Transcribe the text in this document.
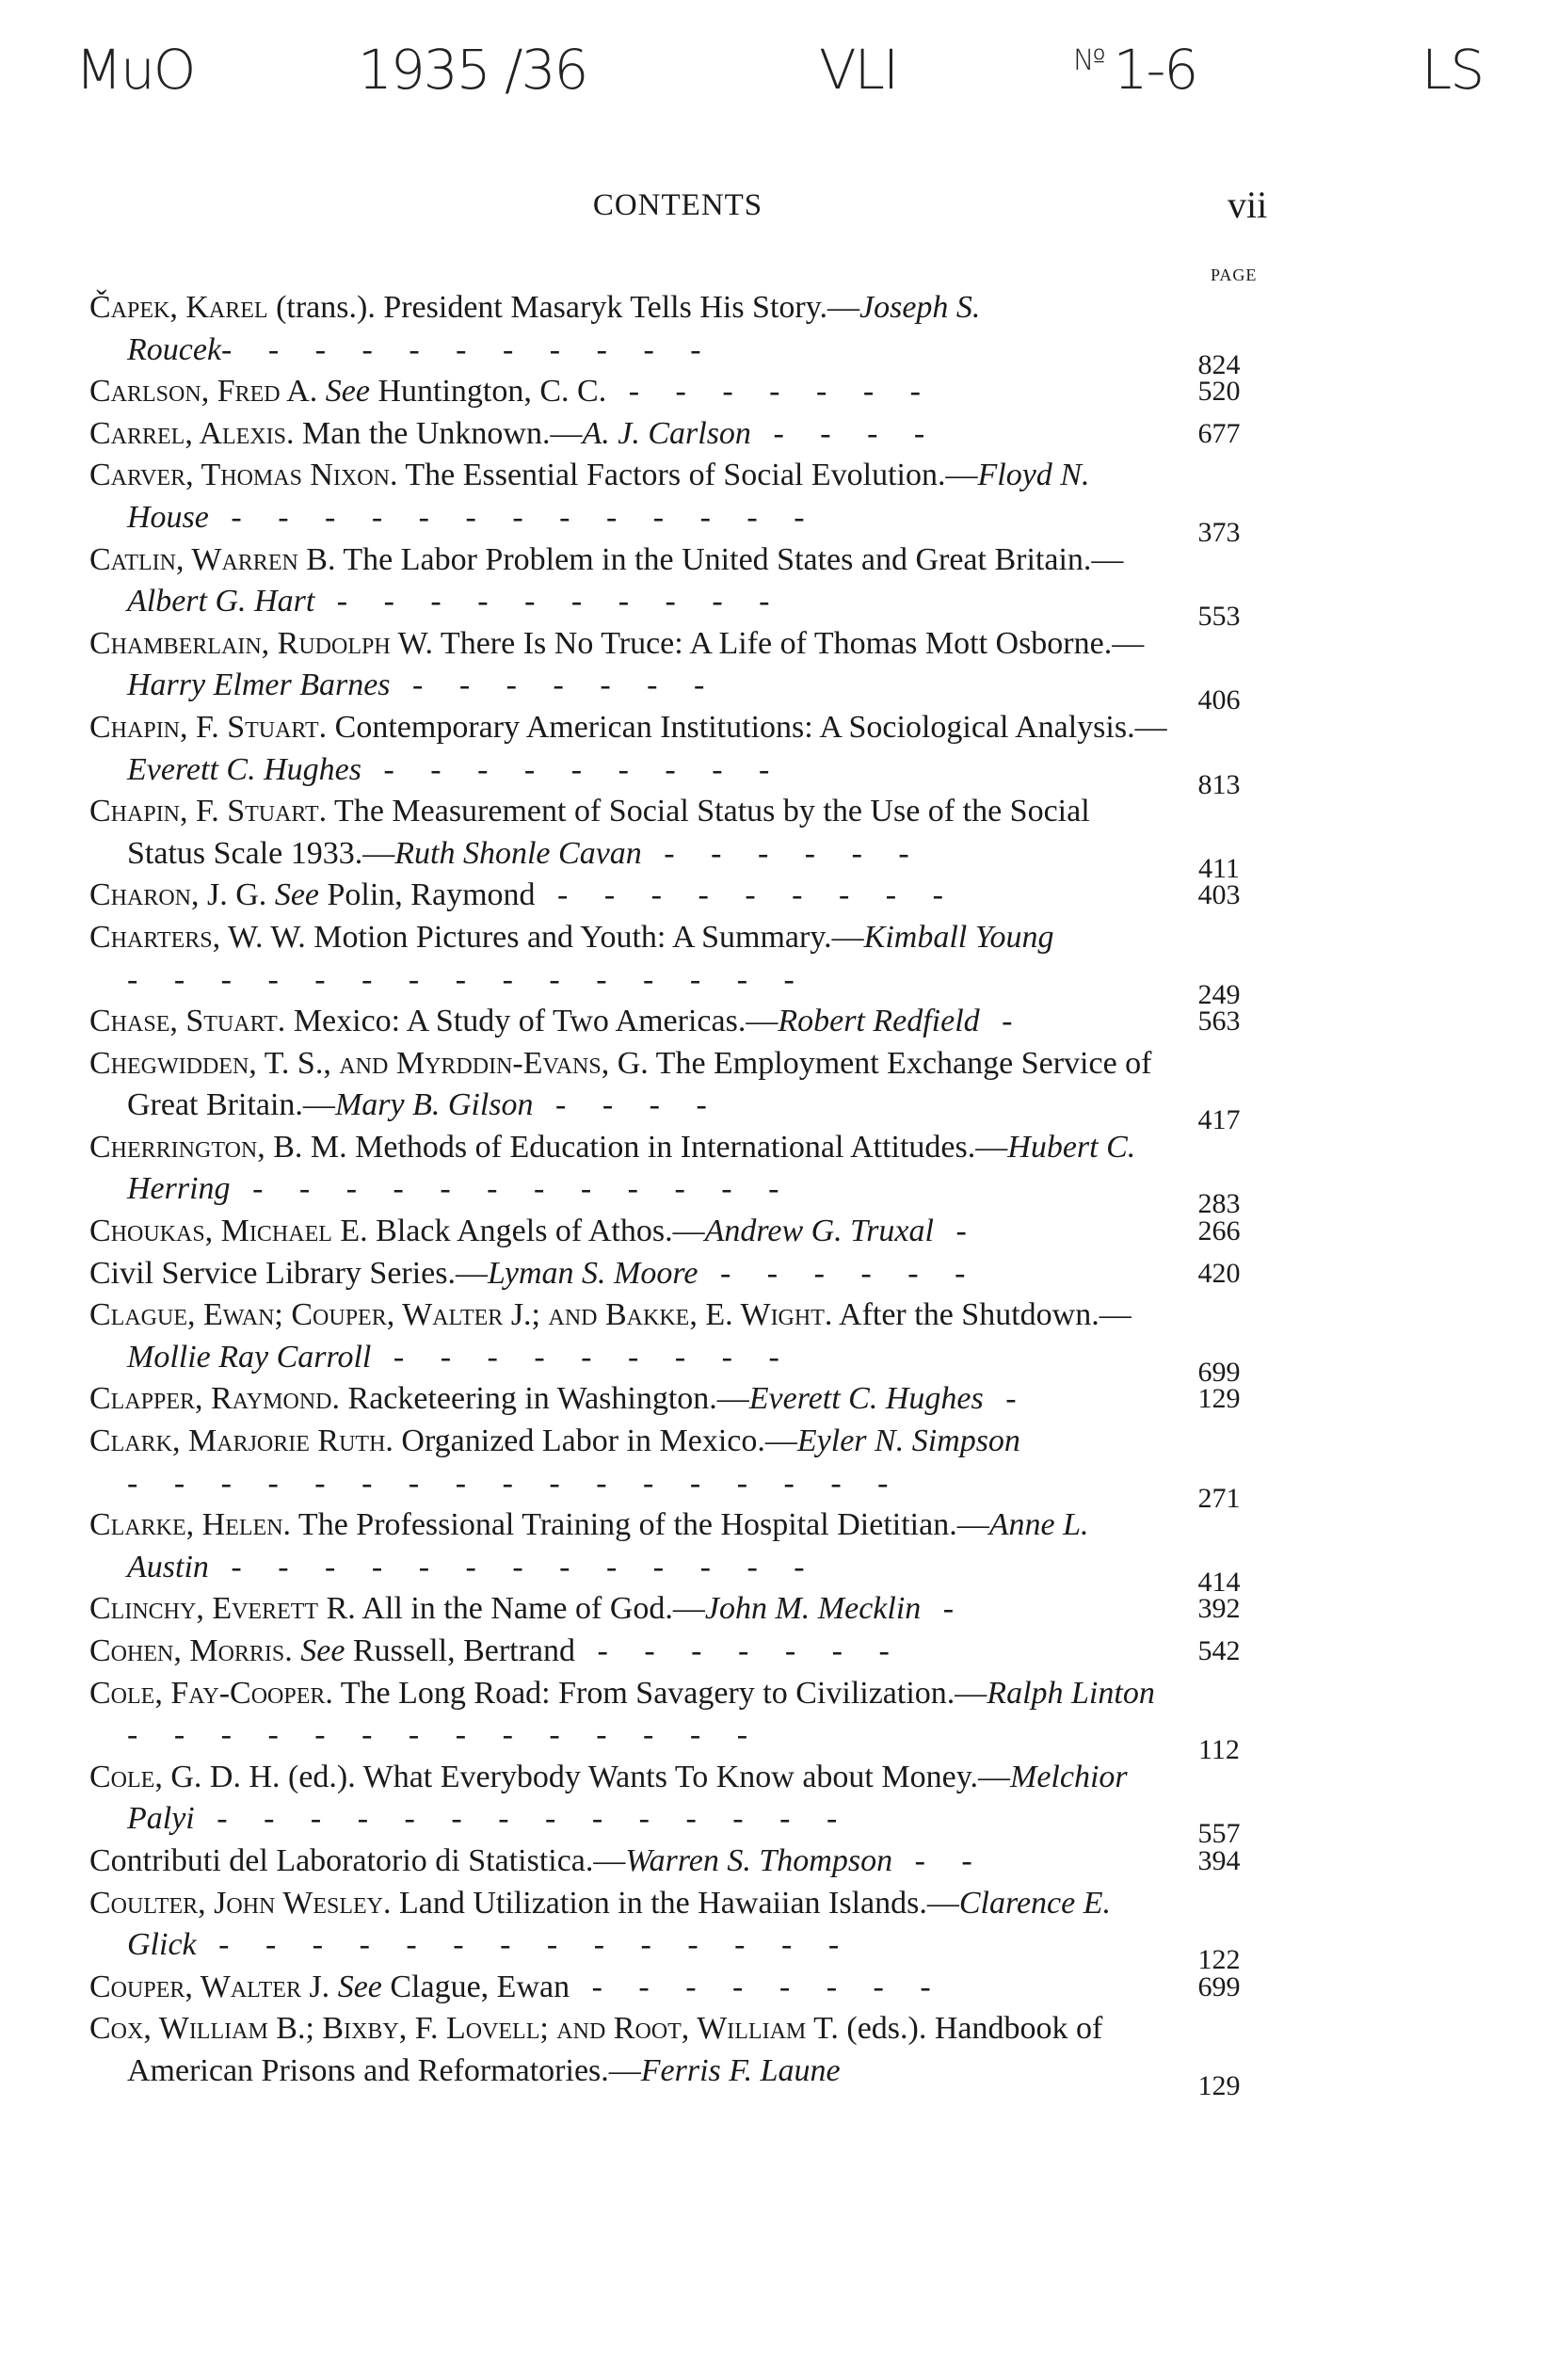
MuO	1935 /36	VLI	$^{Nº}$ 1-6	LS
CONTENTS	vii
PAGE
Čapek, Karel (trans.). President Masaryk Tells His Story.—Joseph S. Roucek- - - - - - - - - - -	824
Carlson, Fred A. See Huntington, C. C. - - - - - - -	520
Carrel, Alexis. Man the Unknown.—A. J. Carlson - - - -	677
Carver, Thomas Nixon. The Essential Factors of Social Evolution.—Floyd N. House - - - - - - - - - - - - -	373
Catlin, Warren B. The Labor Problem in the United States and Great Britain.—Albert G. Hart - - - - - - - - - -	553
Chamberlain, Rudolph W. There Is No Truce: A Life of Thomas Mott Osborne.—Harry Elmer Barnes - - - - - - -	406
Chapin, F. Stuart. Contemporary American Institutions: A Sociological Analysis.—Everett C. Hughes - - - - - - - - -	813
Chapin, F. Stuart. The Measurement of Social Status by the Use of the Social Status Scale 1933.—Ruth Shonle Cavan - - - - - -	411
Charon, J. G. See Polin, Raymond - - - - - - - - -	403
Charters, W. W. Motion Pictures and Youth: A Summary.—Kimball Young - - - - - - - - - - - - - - -	249
Chase, Stuart. Mexico: A Study of Two Americas.—Robert Redfield -	563
Chegwidden, T. S., and Myrddin-Evans, G. The Employment Exchange Service of Great Britain.—Mary B. Gilson - - - -	417
Cherrington, B. M. Methods of Education in International Attitudes.—Hubert C. Herring - - - - - - - - - - - -	283
Choukas, Michael E. Black Angels of Athos.—Andrew G. Truxal -	266
Civil Service Library Series.—Lyman S. Moore - - - - - -	420
Clague, Ewan; Couper, Walter J.; and Bakke, E. Wight. After the Shutdown.—Mollie Ray Carroll - - - - - - - - -	699
Clapper, Raymond. Racketeering in Washington.—Everett C. Hughes -	129
Clark, Marjorie Ruth. Organized Labor in Mexico.—Eyler N. Simpson - - - - - - - - - - - - - - - - -	271
Clarke, Helen. The Professional Training of the Hospital Dietitian.—Anne L. Austin - - - - - - - - - - - - -	414
Clinchy, Everett R. All in the Name of God.—John M. Mecklin -	392
Cohen, Morris. See Russell, Bertrand - - - - - - -	542
Cole, Fay-Cooper. The Long Road: From Savagery to Civilization.—Ralph Linton - - - - - - - - - - - - - -	112
Cole, G. D. H. (ed.). What Everybody Wants To Know about Money.—Melchior Palyi - - - - - - - - - - - - - -	557
Contributi del Laboratorio di Statistica.—Warren S. Thompson - -	394
Coulter, John Wesley. Land Utilization in the Hawaiian Islands.—Clarence E. Glick - - - - - - - - - - - - - -	122
Couper, Walter J. See Clague, Ewan - - - - - - - -	699
Cox, William B.; Bixby, F. Lovell; and Root, William T. (eds.). Handbook of American Prisons and Reformatories.—Ferris F. Laune	129
